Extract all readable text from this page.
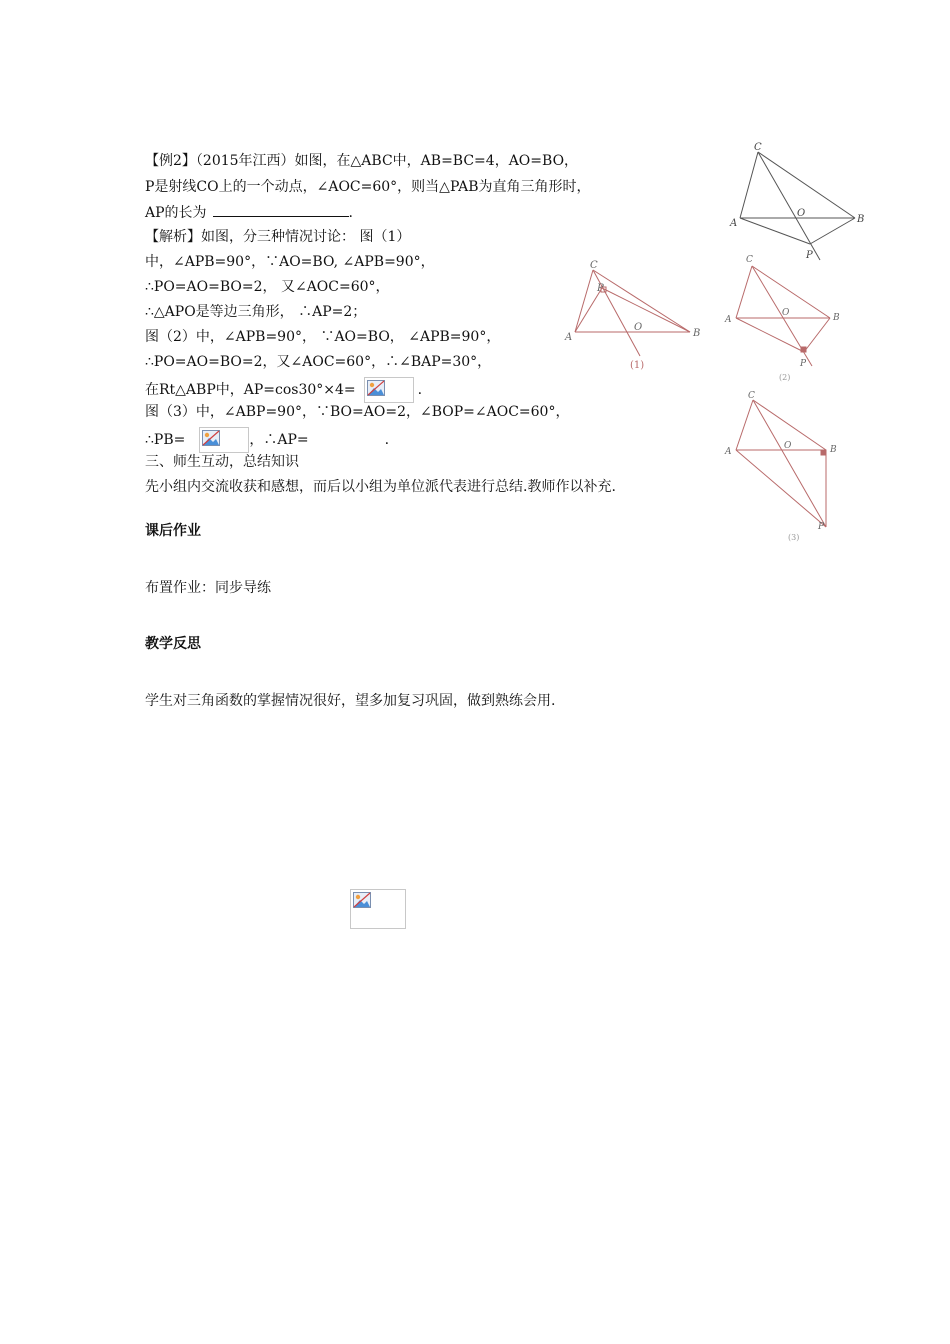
【例2】（2015年江西）如图，在△ABC中，AB=BC=4，AO=BO，
P是射线CO上的一个动点，∠AOC=60°，则当△PAB为直角三角形时，
AP的长为	.
【解析】如图，分三种情况讨论： 图（1）
中，∠APB=90°，∵AO=BO, ∠APB=90°，
∴PO=AO=BO=2， 又∠AOC=60°，
∴△APO是等边三角形， ∴AP=2；
图（2）中，∠APB=90°， ∵AO=BO， ∠APB=90°，
∴PO=AO=BO=2，又∠AOC=60°，∴∠BAP=30°，
在Rt△ABP中，AP=cos30°×4=	.
图（3）中，∠ABP=90°，∵BO=AO=2，∠BOP=∠AOC=60°，
∴PB=	，∴AP=	.
三、师生互动，总结知识
先小组内交流收获和感想，而后以小组为单位派代表进行总结.教师作以补充.
课后作业
布置作业：同步导练
教学反思
学生对三角函数的掌握情况很好，望多加复习巩固，做到熟练会用.
C
A	B
O
P
C
P
A	B
O
(1)
C
A	B
O
P
(2)
C
A	B
O
P
(3)
